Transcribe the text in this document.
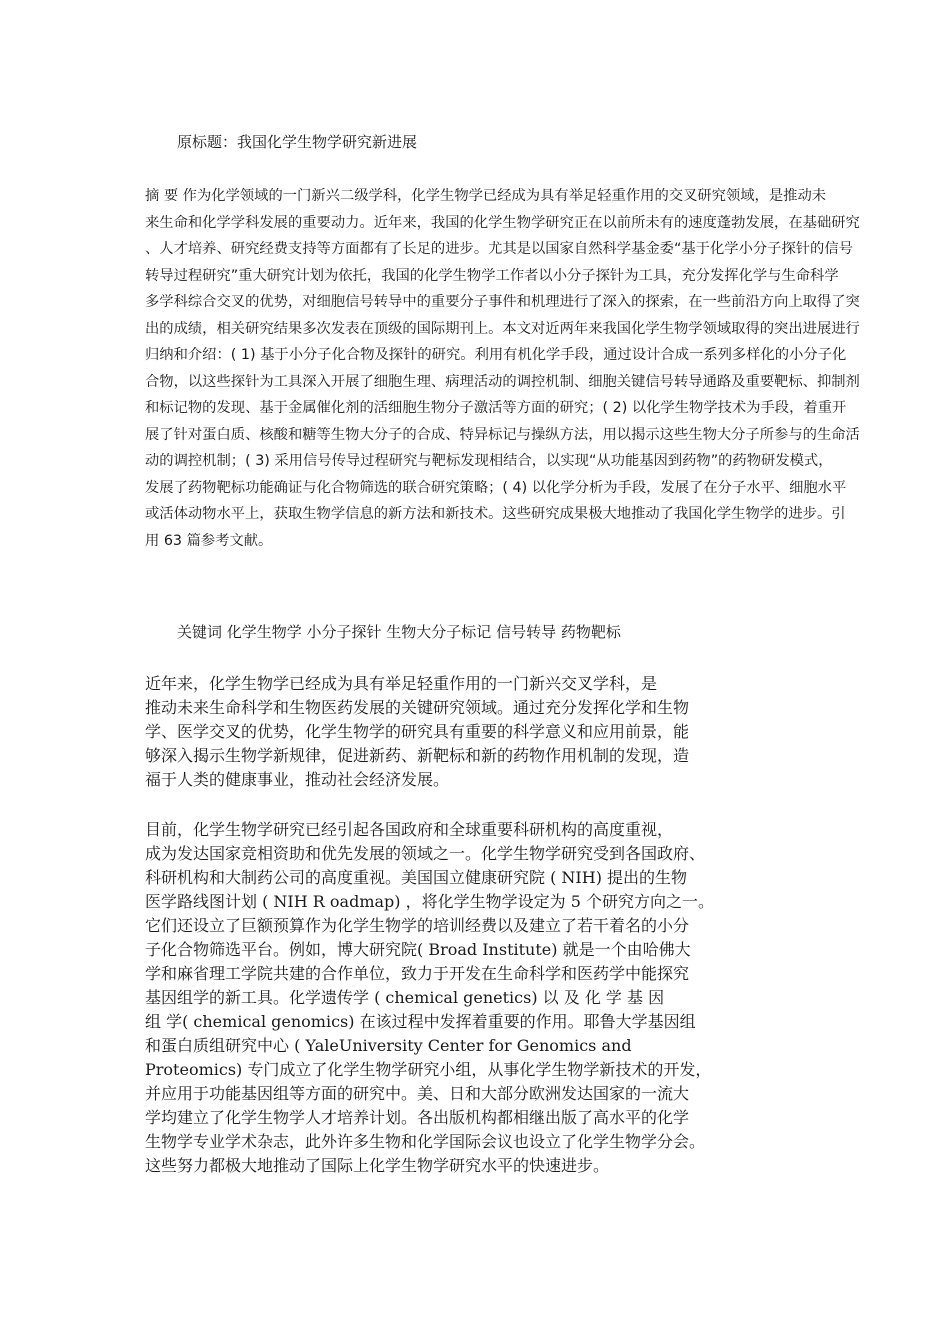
原标题：我国化学生物学研究新进展
摘 要 作为化学领域的一门新兴二级学科，化学生物学已经成为具有举足轻重作用的交叉研究领域，是推动未
来生命和化学学科发展的重要动力。近年来，我国的化学生物学研究正在以前所未有的速度蓬勃发展，在基础研究
、人才培养、研究经费支持等方面都有了长足的进步。尤其是以国家自然科学基金委“基于化学小分子探针的信号
转导过程研究”重大研究计划为依托，我国的化学生物学工作者以小分子探针为工具，充分发挥化学与生命科学
多学科综合交叉的优势，对细胞信号转导中的重要分子事件和机理进行了深入的探索，在一些前沿方向上取得了突
出的成绩，相关研究结果多次发表在顶级的国际期刊上。本文对近两年来我国化学生物学领域取得的突出进展进行
归纳和介绍：( 1) 基于小分子化合物及探针的研究。利用有机化学手段，通过设计合成一系列多样化的小分子化
合物，以这些探针为工具深入开展了细胞生理、病理活动的调控机制、细胞关键信号转导通路及重要靶标、抑制剂
和标记物的发现、基于金属催化剂的活细胞生物分子激活等方面的研究；( 2) 以化学生物学技术为手段，着重开
展了针对蛋白质、核酸和糖等生物大分子的合成、特异标记与操纵方法，用以揭示这些生物大分子所参与的生命活
动的调控机制；( 3) 采用信号传导过程研究与靶标发现相结合，以实现“从功能基因到药物”的药物研发模式，
发展了药物靶标功能确证与化合物筛选的联合研究策略；( 4) 以化学分析为手段，发展了在分子水平、细胞水平
或活体动物水平上，获取生物学信息的新方法和新技术。这些研究成果极大地推动了我国化学生物学的进步。引
用 63 篇参考文献。
关键词 化学生物学 小分子探针 生物大分子标记 信号转导 药物靶标
近年来，化学生物学已经成为具有举足轻重作用的一门新兴交叉学科，是
推动未来生命科学和生物医药发展的关键研究领域。通过充分发挥化学和生物
学、医学交叉的优势，化学生物学的研究具有重要的科学意义和应用前景，能
够深入揭示生物学新规律，促进新药、新靶标和新的药物作用机制的发现，造
福于人类的健康事业，推动社会经济发展。
目前，化学生物学研究已经引起各国政府和全球重要科研机构的高度重视，
成为发达国家竞相资助和优先发展的领域之一。化学生物学研究受到各国政府、
科研机构和大制药公司的高度重视。美国国立健康研究院 ( NIH) 提出的生物
医学路线图计划 ( NIH R oadmap) ，将化学生物学设定为 5 个研究方向之一。
它们还设立了巨额预算作为化学生物学的培训经费以及建立了若干着名的小分
子化合物筛选平台。例如，博大研究院( Broad Institute) 就是一个由哈佛大
学和麻省理工学院共建的合作单位，致力于开发在生命科学和医药学中能探究
基因组学的新工具。化学遗传学 ( chemical genetics) 以 及 化 学 基 因
组 学( chemical genomics) 在该过程中发挥着重要的作用。耶鲁大学基因组
和蛋白质组研究中心 ( YaleUniversity Center for Genomics and
Proteomics) 专门成立了化学生物学研究小组，从事化学生物学新技术的开发，
并应用于功能基因组等方面的研究中。美、日和大部分欧洲发达国家的一流大
学均建立了化学生物学人才培养计划。各出版机构都相继出版了高水平的化学
生物学专业学术杂志，此外许多生物和化学国际会议也设立了化学生物学分会。
这些努力都极大地推动了国际上化学生物学研究水平的快速进步。
